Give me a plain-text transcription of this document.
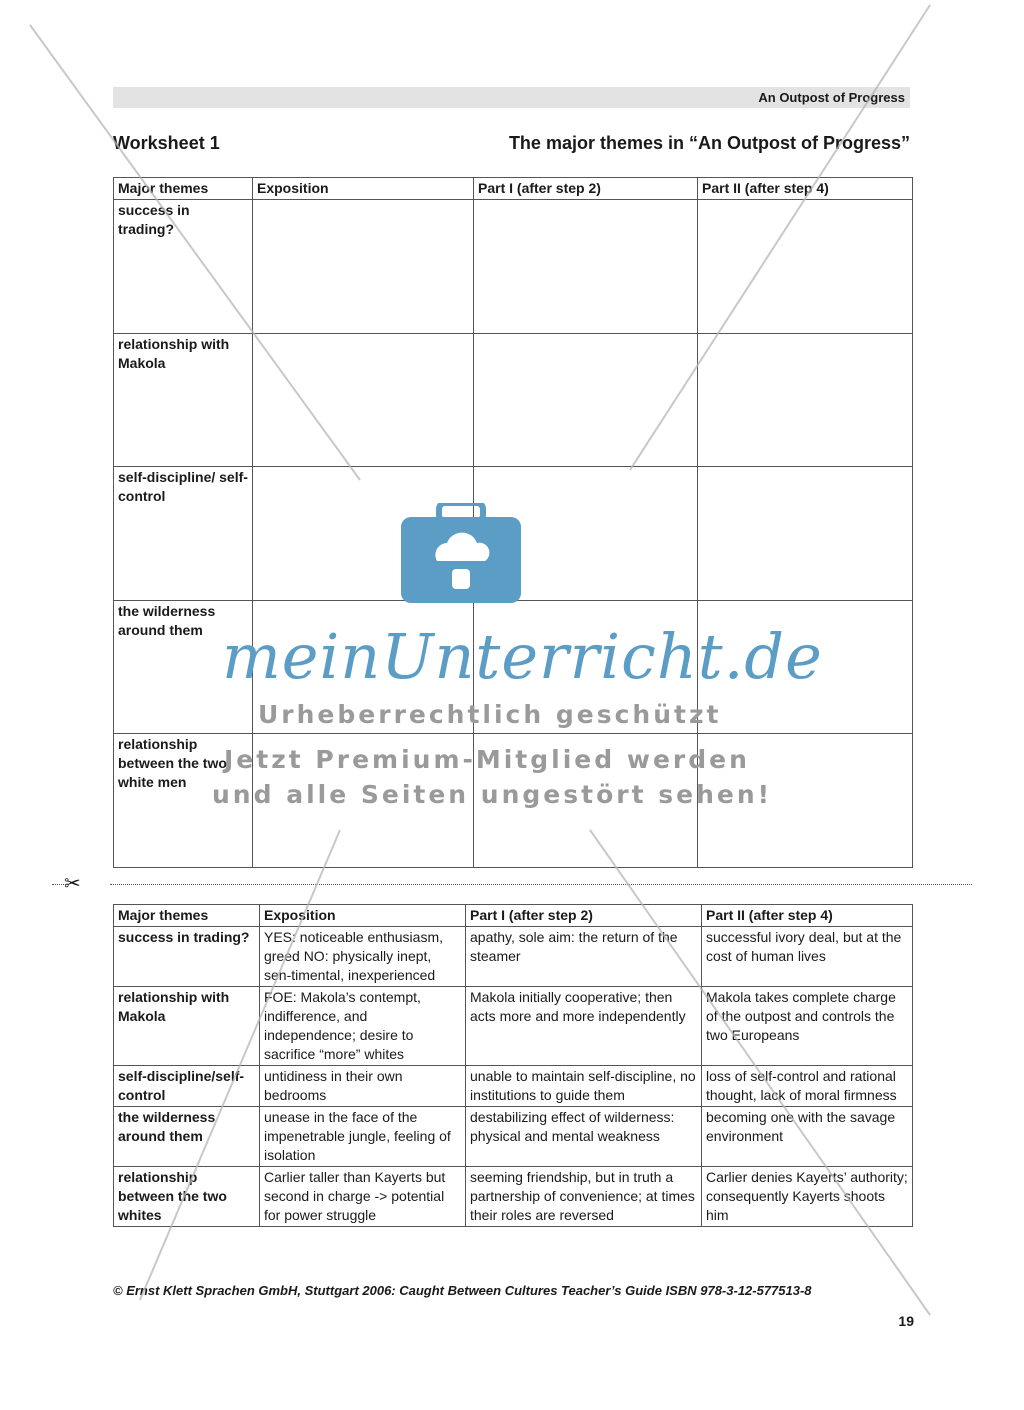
An Outpost of Progress
Worksheet 1	The major themes in “An Outpost of Progress”
Major themes	Exposition	Part I (after step 2)	Part II (after step 4)
success in trading?			
relationship with Makola			
self-discipline/ self-control			
the wilderness around them			
relationship between the two white men			
✂
Major themes	Exposition	Part I (after step 2)	Part II (after step 4)
success in trading?	YES: noticeable enthusiasm, greed NO: physically inept, sen-timental, inexperienced	apathy, sole aim: the return of the steamer	successful ivory deal, but at the cost of human lives
relationship with Makola	FOE: Makola’s contempt, indifference, and independence; desire to sacrifice “more” whites	Makola initially cooperative; then acts more and more independently	Makola takes complete charge of the outpost and controls the two Europeans
self-discipline/self-control	untidiness in their own bedrooms	unable to maintain self-discipline, no institutions to guide them	loss of self-control and rational thought, lack of moral firmness
the wilderness around them	unease in the face of the impenetrable jungle, feeling of isolation	destabilizing effect of wilderness: physical and mental weakness	becoming one with the savage environment
relationship between the two whites	Carlier taller than Kayerts but second in charge -> potential for power struggle	seeming friendship, but in truth a partnership of convenience; at times their roles are reversed	Carlier denies Kayerts’ authority; consequently Kayerts shoots him
© Ernst Klett Sprachen GmbH, Stuttgart 2006: Caught Between Cultures Teacher’s Guide ISBN 978-3-12-577513-8
19
meinUnterricht.de
Urheberrechtlich geschützt
Jetzt Premium-Mitglied werden
und alle Seiten ungestört sehen!
